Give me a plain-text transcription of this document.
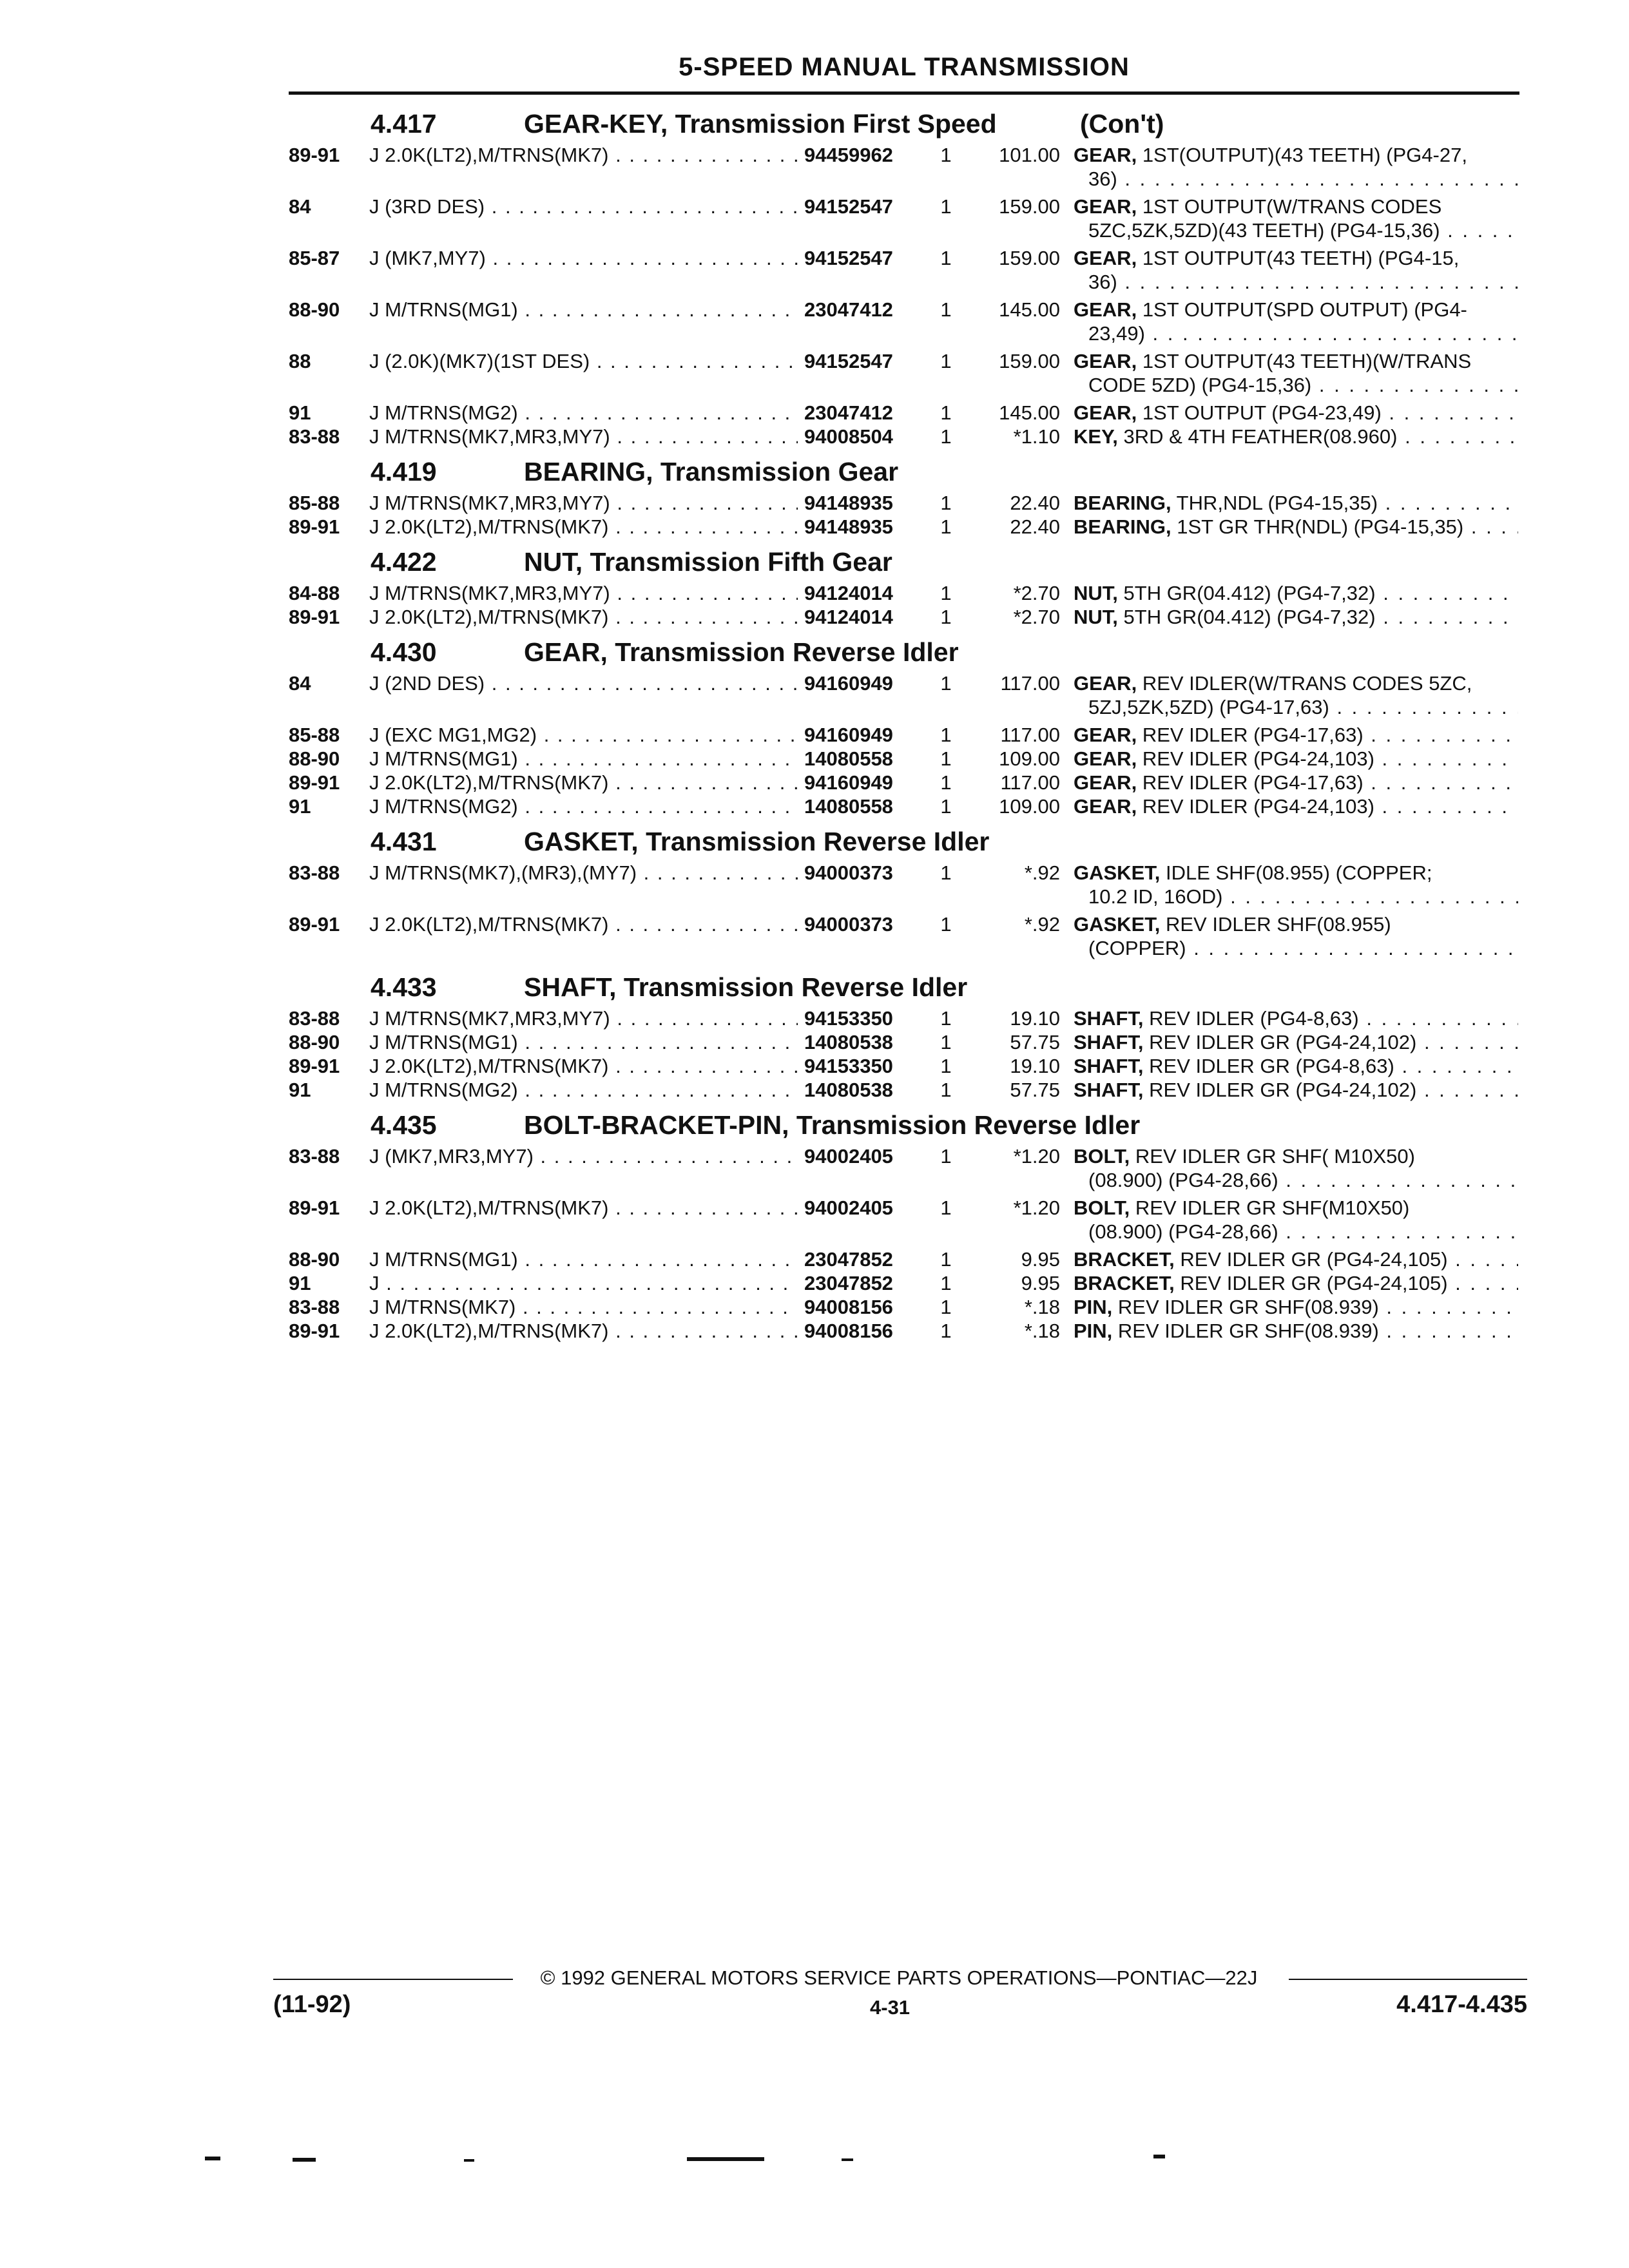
5-SPEED MANUAL TRANSMISSION
4.417	GEAR-KEY, Transmission First Speed	(Con't)
89-91	J 2.0K(LT2),M/TRNS(MK7) . . .	94459962	1	101.00 GEAR, 1ST(OUTPUT)(43 TEETH) (PG4-27,
36) . . .
84	J (3RD DES) . . .	94152547	1	159.00 GEAR, 1ST OUTPUT(W/TRANS CODES
5ZC,5ZK,5ZD)(43 TEETH) (PG4-15,36) . . .
85-87	J (MK7,MY7) . . .	94152547	1	159.00 GEAR, 1ST OUTPUT(43 TEETH) (PG4-15,
36) . . .
88-90	J M/TRNS(MG1) . . .	23047412	1	145.00 GEAR, 1ST OUTPUT(SPD OUTPUT) (PG4-
23,49) . . .
88	J (2.0K)(MK7)(1ST DES) . . .	94152547	1	159.00 GEAR, 1ST OUTPUT(43 TEETH)(W/TRANS
CODE 5ZD) (PG4-15,36) . . .
91	J M/TRNS(MG2) . . .	23047412	1	145.00 GEAR, 1ST OUTPUT (PG4-23,49) . . .
83-88	J M/TRNS(MK7,MR3,MY7) . . .	94008504	1	*1.10 KEY, 3RD & 4TH FEATHER(08.960) . . .
4.419	BEARING, Transmission Gear
85-88	J M/TRNS(MK7,MR3,MY7) . . .	94148935	1	22.40 BEARING, THR,NDL (PG4-15,35) . . .
89-91	J 2.0K(LT2),M/TRNS(MK7) . . .	94148935	1	22.40 BEARING, 1ST GR THR(NDL) (PG4-15,35) . . .
4.422	NUT, Transmission Fifth Gear
84-88	J M/TRNS(MK7,MR3,MY7) . . .	94124014	1	*2.70 NUT, 5TH GR(04.412) (PG4-7,32) . . .
89-91	J 2.0K(LT2),M/TRNS(MK7) . . .	94124014	1	*2.70 NUT, 5TH GR(04.412) (PG4-7,32) . . .
4.430	GEAR, Transmission Reverse Idler
84	J (2ND DES) . . .	94160949	1	117.00 GEAR, REV IDLER(W/TRANS CODES 5ZC,
5ZJ,5ZK,5ZD) (PG4-17,63) . . .
85-88	J (EXC MG1,MG2) . . .	94160949	1	117.00 GEAR, REV IDLER (PG4-17,63) . . .
88-90	J M/TRNS(MG1) . . .	14080558	1	109.00 GEAR, REV IDLER (PG4-24,103) . . .
89-91	J 2.0K(LT2),M/TRNS(MK7) . . .	94160949	1	117.00 GEAR, REV IDLER (PG4-17,63) . . .
91	J M/TRNS(MG2) . . .	14080558	1	109.00 GEAR, REV IDLER (PG4-24,103) . . .
4.431	GASKET, Transmission Reverse Idler
83-88	J M/TRNS(MK7),(MR3),(MY7) . . .	94000373	1	*.92 GASKET, IDLE SHF(08.955) (COPPER;
10.2 ID, 16OD) . . .
89-91	J 2.0K(LT2),M/TRNS(MK7) . . .	94000373	1	*.92 GASKET, REV IDLER SHF(08.955)
(COPPER) . . .
4.433	SHAFT, Transmission Reverse Idler
83-88	J M/TRNS(MK7,MR3,MY7) . . .	94153350	1	19.10 SHAFT, REV IDLER (PG4-8,63) . . .
88-90	J M/TRNS(MG1) . . .	14080538	1	57.75 SHAFT, REV IDLER GR (PG4-24,102) . . .
89-91	J 2.0K(LT2),M/TRNS(MK7) . . .	94153350	1	19.10 SHAFT, REV IDLER GR (PG4-8,63) . . .
91	J M/TRNS(MG2) . . .	14080538	1	57.75 SHAFT, REV IDLER GR (PG4-24,102) . . .
4.435	BOLT-BRACKET-PIN, Transmission Reverse Idler
83-88	J (MK7,MR3,MY7) . . .	94002405	1	*1.20 BOLT, REV IDLER GR SHF( M10X50)
(08.900) (PG4-28,66) . . .
89-91	J 2.0K(LT2),M/TRNS(MK7) . . .	94002405	1	*1.20 BOLT, REV IDLER GR SHF(M10X50)
(08.900) (PG4-28,66) . . .
88-90	J M/TRNS(MG1) . . .	23047852	1	9.95 BRACKET, REV IDLER GR (PG4-24,105) . . .
91	J . . .	23047852	1	9.95 BRACKET, REV IDLER GR (PG4-24,105) . . .
83-88	J M/TRNS(MK7) . . .	94008156	1	*.18 PIN, REV IDLER GR SHF(08.939) . . .
89-91	J 2.0K(LT2),M/TRNS(MK7) . . .	94008156	1	*.18 PIN, REV IDLER GR SHF(08.939) . . .
© 1992 GENERAL MOTORS SERVICE PARTS OPERATIONS—PONTIAC—22J
(11-92)	4-31	4.417-4.435
